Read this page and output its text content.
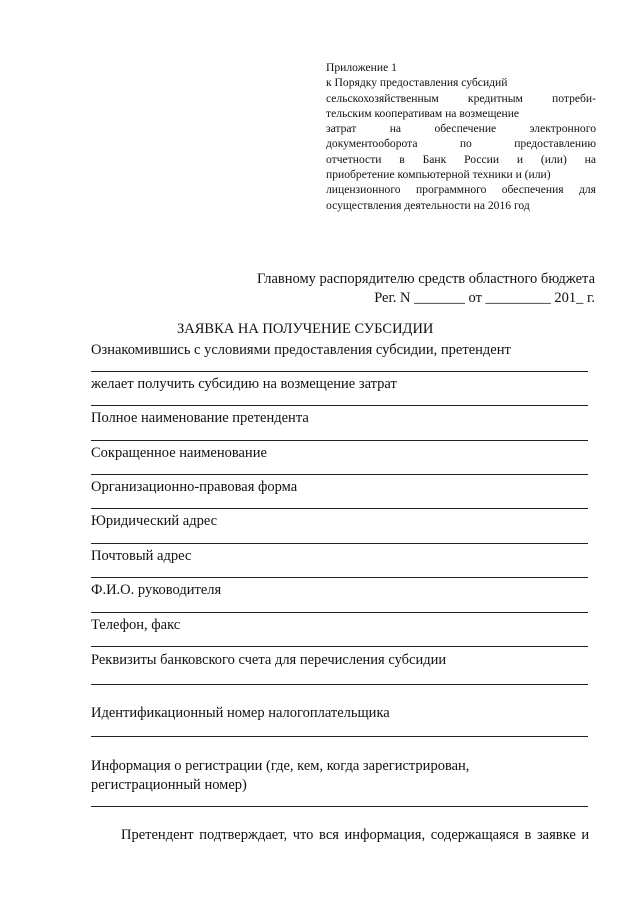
Приложение 1
к Порядку предоставления субсидий
сельскохозяйственным кредитным потреби-
тельским кооперативам на возмещение
затрат на обеспечение электронного
документооборота по предоставлению
отчетности в Банк России и (или) на
приобретение компьютерной техники и (или)
лицензионного программного обеспечения для
осуществления деятельности на 2016 год
Главному распорядителю средств областного бюджета
Рег. N _______ от _________ 201_ г.
ЗАЯВКА НА ПОЛУЧЕНИЕ СУБСИДИИ
Ознакомившись с условиями предоставления субсидии, претендент
желает получить субсидию на возмещение затрат
Полное наименование претендента
Сокращенное наименование
Организационно-правовая форма
Юридический адрес
Почтовый адрес
Ф.И.О. руководителя
Телефон, факс
Реквизиты банковского счета для перечисления субсидии
Идентификационный номер налогоплательщика
Информация о регистрации (где, кем, когда зарегистрирован,
регистрационный номер)
Претендент подтверждает, что вся информация, содержащаяся в заявке и
